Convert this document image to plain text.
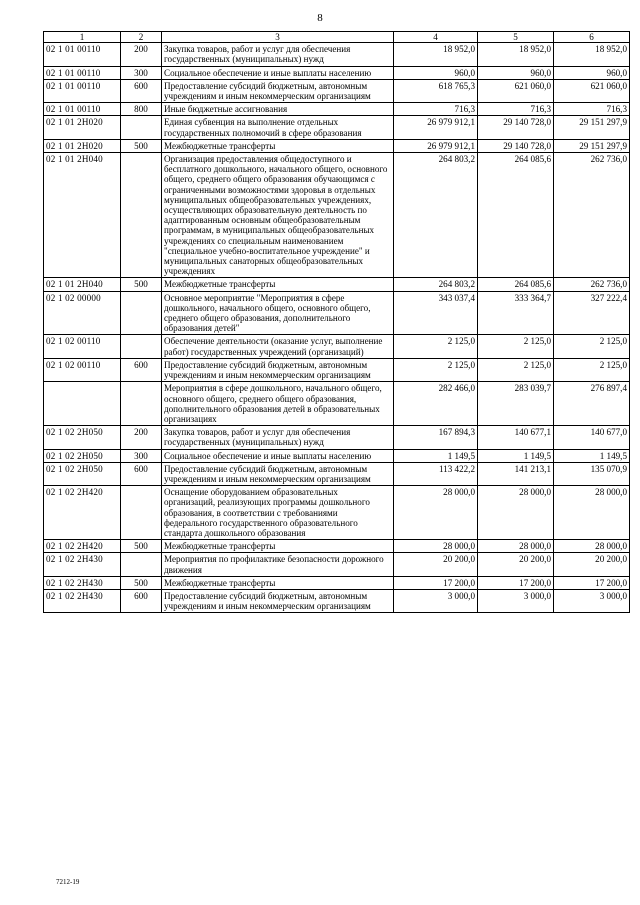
8
1	2	3	4	5	6
02 1 01 00110	200	Закупка товаров, работ и услуг для обеспечения государственных (муниципальных) нужд	18 952,0	18 952,0	18 952,0
02 1 01 00110	300	Социальное обеспечение и иные выплаты населению	960,0	960,0	960,0
02 1 01 00110	600	Предоставление субсидий бюджетным, автономным учреждениям и иным некоммерческим организациям	618 765,3	621 060,0	621 060,0
02 1 01 00110	800	Иные бюджетные ассигнования	716,3	716,3	716,3
02 1 01 2Н020		Единая субвенция на выполнение отдельных государственных полномочий в сфере образования	26 979 912,1	29 140 728,0	29 151 297,9
02 1 01 2Н020	500	Межбюджетные трансферты	26 979 912,1	29 140 728,0	29 151 297,9
02 1 01 2Н040		Организация предоставления общедоступного и бесплатного дошкольного, начального общего, основного общего, среднего общего образования обучающимся с ограниченными возможностями здоровья в отдельных муниципальных общеобразовательных учреждениях, осуществляющих образовательную деятельность по адаптированным основным общеобразовательным программам, в муниципальных общеобразовательных учреждениях со специальным наименованием "специальное учебно-воспитательное учреждение" и муниципальных санаторных общеобразовательных учреждениях	264 803,2	264 085,6	262 736,0
02 1 01 2Н040	500	Межбюджетные трансферты	264 803,2	264 085,6	262 736,0
02 1 02 00000		Основное мероприятие "Мероприятия в сфере дошкольного, начального общего, основного общего, среднего общего образования, дополнительного образования детей"	343 037,4	333 364,7	327 222,4
02 1 02 00110		Обеспечение деятельности (оказание услуг, выполнение работ) государственных учреждений (организаций)	2 125,0	2 125,0	2 125,0
02 1 02 00110	600	Предоставление субсидий бюджетным, автономным учреждениям и иным некоммерческим организациям	2 125,0	2 125,0	2 125,0
		Мероприятия в сфере дошкольного, начального общего, основного общего, среднего общего образования, дополнительного образования детей в образовательных организациях	282 466,0	283 039,7	276 897,4
02 1 02 2Н050	200	Закупка товаров, работ и услуг для обеспечения государственных (муниципальных) нужд	167 894,3	140 677,1	140 677,0
02 1 02 2Н050	300	Социальное обеспечение и иные выплаты населению	1 149,5	1 149,5	1 149,5
02 1 02 2Н050	600	Предоставление субсидий бюджетным, автономным учреждениям и иным некоммерческим организациям	113 422,2	141 213,1	135 070,9
02 1 02 2Н420		Оснащение оборудованием образовательных организаций, реализующих программы дошкольного образования, в соответствии с требованиями федерального государственного образовательного стандарта дошкольного образования	28 000,0	28 000,0	28 000,0
02 1 02 2Н420	500	Межбюджетные трансферты	28 000,0	28 000,0	28 000,0
02 1 02 2Н430		Мероприятия по профилактике безопасности дорожного движения	20 200,0	20 200,0	20 200,0
02 1 02 2Н430	500	Межбюджетные трансферты	17 200,0	17 200,0	17 200,0
02 1 02 2Н430	600	Предоставление субсидий бюджетным, автономным учреждениям и иным некоммерческим организациям	3 000,0	3 000,0	3 000,0
7212-19
